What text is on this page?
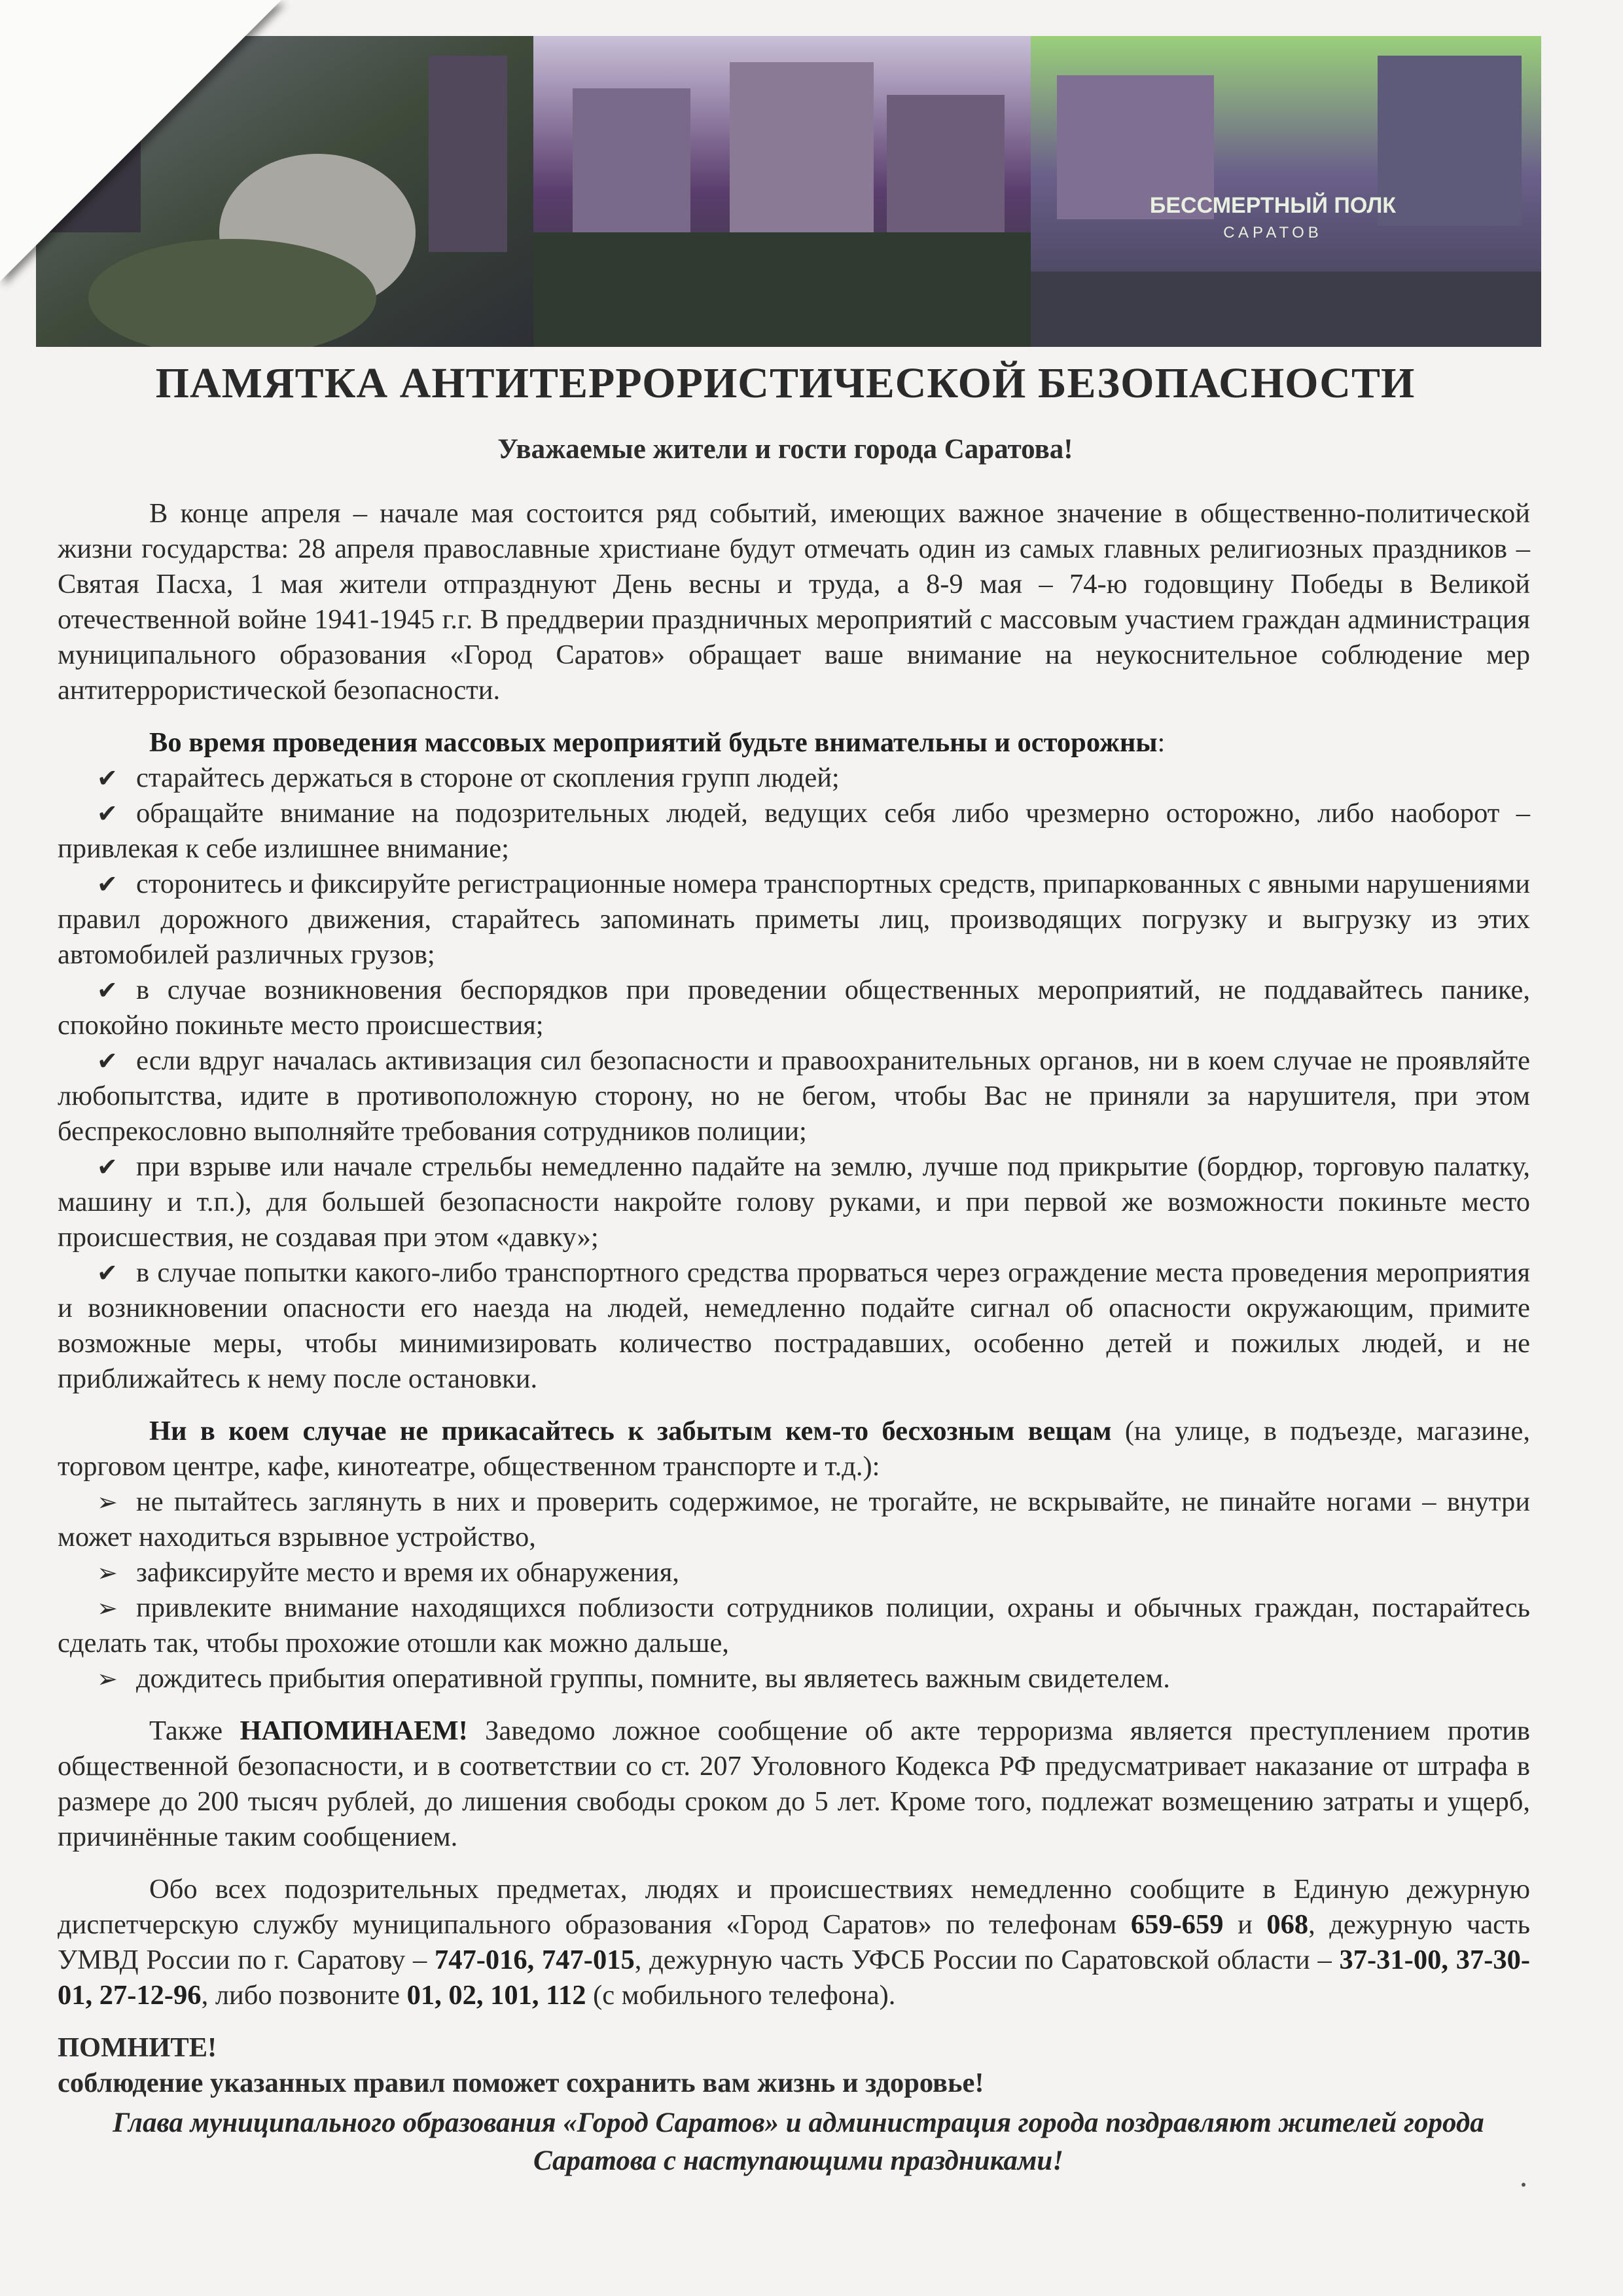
БЕССМЕРТНЫЙ ПОЛК
САРАТОВ
ПАМЯТКА АНТИТЕРРОРИСТИЧЕСКОЙ БЕЗОПАСНОСТИ
Уважаемые жители и гости города Саратова!

В конце апреля – начале мая состоится ряд событий, имеющих важное значение в общественно-политической жизни государства: 28 апреля православные христиане будут отмечать один из самых главных религиозных праздников – Святая Пасха, 1 мая жители отпразднуют День весны и труда, а 8-9 мая – 74-ю годовщину Победы в Великой отечественной войне 1941-1945 г.г. В преддверии праздничных мероприятий с массовым участием граждан администрация муниципального образования «Город Саратов» обращает ваше внимание на неукоснительное соблюдение мер антитеррористической безопасности.

Во время проведения массовых мероприятий будьте внимательны и осторожны:

✔ старайтесь держаться в стороне от скопления групп людей;
✔ обращайте внимание на подозрительных людей, ведущих себя либо чрезмерно осторожно, либо наоборот – привлекая к себе излишнее внимание;
✔ сторонитесь и фиксируйте регистрационные номера транспортных средств, припаркованных с явными нарушениями правил дорожного движения, старайтесь запоминать приметы лиц, производящих погрузку и выгрузку из этих автомобилей различных грузов;
✔ в случае возникновения беспорядков при проведении общественных мероприятий, не поддавайтесь панике, спокойно покиньте место происшествия;
✔ если вдруг началась активизация сил безопасности и правоохранительных органов, ни в коем случае не проявляйте любопытства, идите в противоположную сторону, но не бегом, чтобы Вас не приняли за нарушителя, при этом беспрекословно выполняйте требования сотрудников полиции;
✔ при взрыве или начале стрельбы немедленно падайте на землю, лучше под прикрытие (бордюр, торговую палатку, машину и т.п.), для большей безопасности накройте голову руками, и при первой же возможности покиньте место происшествия, не создавая при этом «давку»;
✔ в случае попытки какого-либо транспортного средства прорваться через ограждение места проведения мероприятия и возникновении опасности его наезда на людей, немедленно подайте сигнал об опасности окружающим, примите возможные меры, чтобы минимизировать количество пострадавших, особенно детей и пожилых людей, и не приближайтесь к нему после остановки.

Ни в коем случае не прикасайтесь к забытым кем-то бесхозным вещам (на улице, в подъезде, магазине, торговом центре, кафе, кинотеатре, общественном транспорте и т.д.):

➢ не пытайтесь заглянуть в них и проверить содержимое, не трогайте, не вскрывайте, не пинайте ногами – внутри может находиться взрывное устройство,
➢ зафиксируйте место и время их обнаружения,
➢ привлеките внимание находящихся поблизости сотрудников полиции, охраны и обычных граждан, постарайтесь сделать так, чтобы прохожие отошли как можно дальше,
➢ дождитесь прибытия оперативной группы, помните, вы являетесь важным свидетелем.

Также НАПОМИНАЕМ! Заведомо ложное сообщение об акте терроризма является преступлением против общественной безопасности, и в соответствии со ст. 207 Уголовного Кодекса РФ предусматривает наказание от штрафа в размере до 200 тысяч рублей, до лишения свободы сроком до 5 лет. Кроме того, подлежат возмещению затраты и ущерб, причинённые таким сообщением.

Обо всех подозрительных предметах, людях и происшествиях немедленно сообщите в Единую дежурную диспетчерскую службу муниципального образования «Город Саратов» по телефонам 659-659 и 068, дежурную часть УМВД России по г. Саратову – 747-016, 747-015, дежурную часть УФСБ России по Саратовской области – 37-31-00, 37-30-01, 27-12-96, либо позвоните 01, 02, 101, 112 (с мобильного телефона).

ПОМНИТЕ!

соблюдение указанных правил поможет сохранить вам жизнь и здоровье!

Глава муниципального образования «Город Саратов» и администрация города поздравляют жителей города Саратова с наступающими праздниками!
